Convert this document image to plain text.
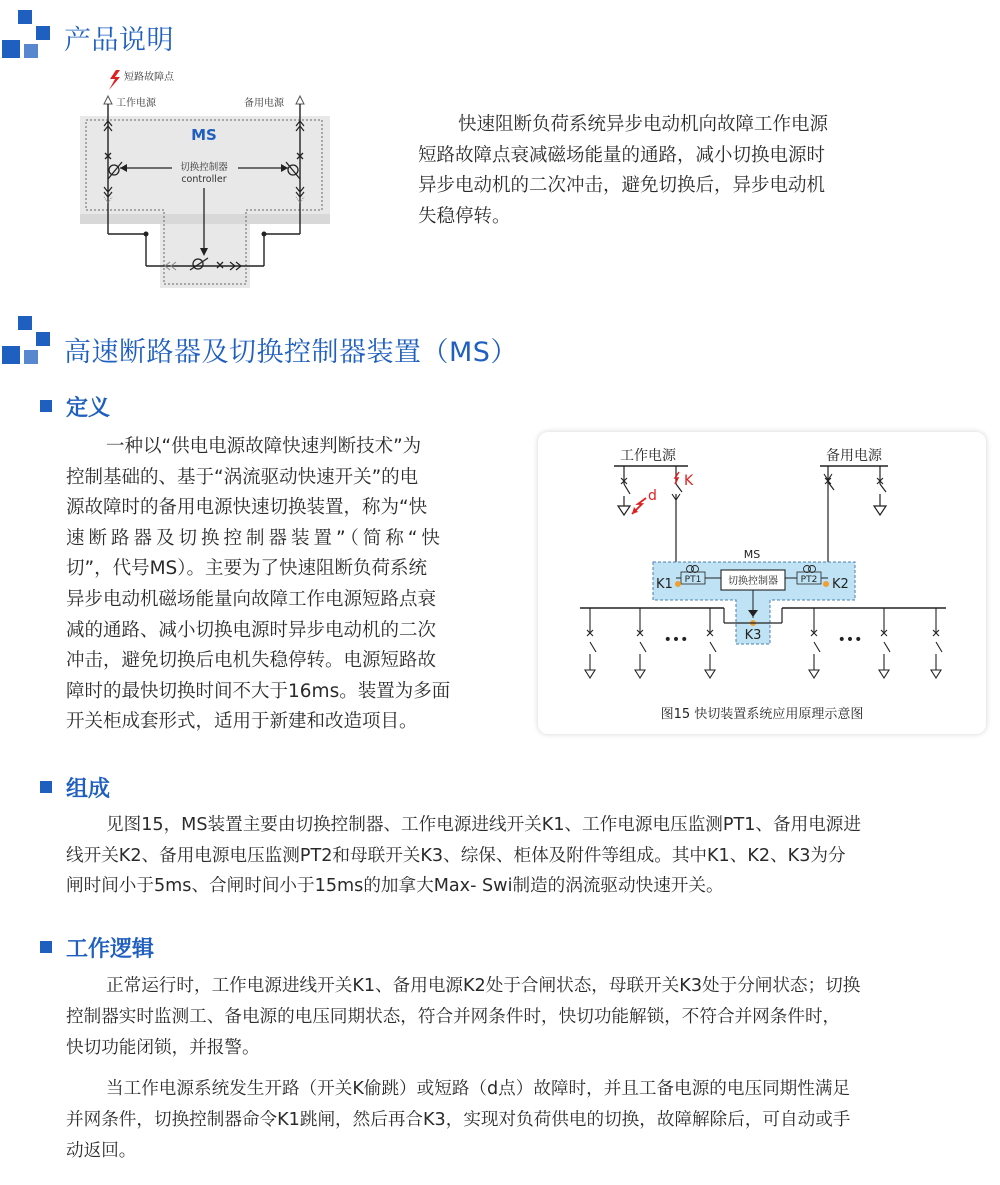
产品说明
短路故障点
工作电源	备用电源
MS
切换控制器
controller
快速阻断负荷系统异步电动机向故障工作电源
短路故障点衰减磁场能量的通路，减小切换电源时
异步电动机的二次冲击，避免切换后，异步电动机
失稳停转。
高速断路器及切换控制器装置（MS）
定义
一种以“供电电源故障快速判断技术”为
控制基础的、基于“涡流驱动快速开关”的电
源故障时的备用电源快速切换装置，称为“快
速断路器及切换控制器装置”（简称“快
切”，代号MS）。主要为了快速阻断负荷系统
异步电动机磁场能量向故障工作电源短路点衰
减的通路、减小切换电源时异步电动机的二次
冲击，避免切换后电机失稳停转。电源短路故
障时的最快切换时间不大于16ms。装置为多面
开关柜成套形式，适用于新建和改造项目。
工作电源	备用电源
d
K
MS
切换控制器
PT1	PT2
K1	K2
K3
•••	•••
图15 快切装置系统应用原理示意图
组成
见图15，MS装置主要由切换控制器、工作电源进线开关K1、工作电源电压监测PT1、备用电源进
线开关K2、备用电源电压监测PT2和母联开关K3、综保、柜体及附件等组成。其中K1、K2、K3为分
闸时间小于5ms、合闸时间小于15ms的加拿大Max- Swi制造的涡流驱动快速开关。
工作逻辑
正常运行时，工作电源进线开关K1、备用电源K2处于合闸状态，母联开关K3处于分闸状态；切换
控制器实时监测工、备电源的电压同期状态，符合并网条件时，快切功能解锁，不符合并网条件时，
快切功能闭锁，并报警。
当工作电源系统发生开路（开关K偷跳）或短路（d点）故障时，并且工备电源的电压同期性满足
并网条件，切换控制器命令K1跳闸，然后再合K3，实现对负荷供电的切换，故障解除后，可自动或手
动返回。
